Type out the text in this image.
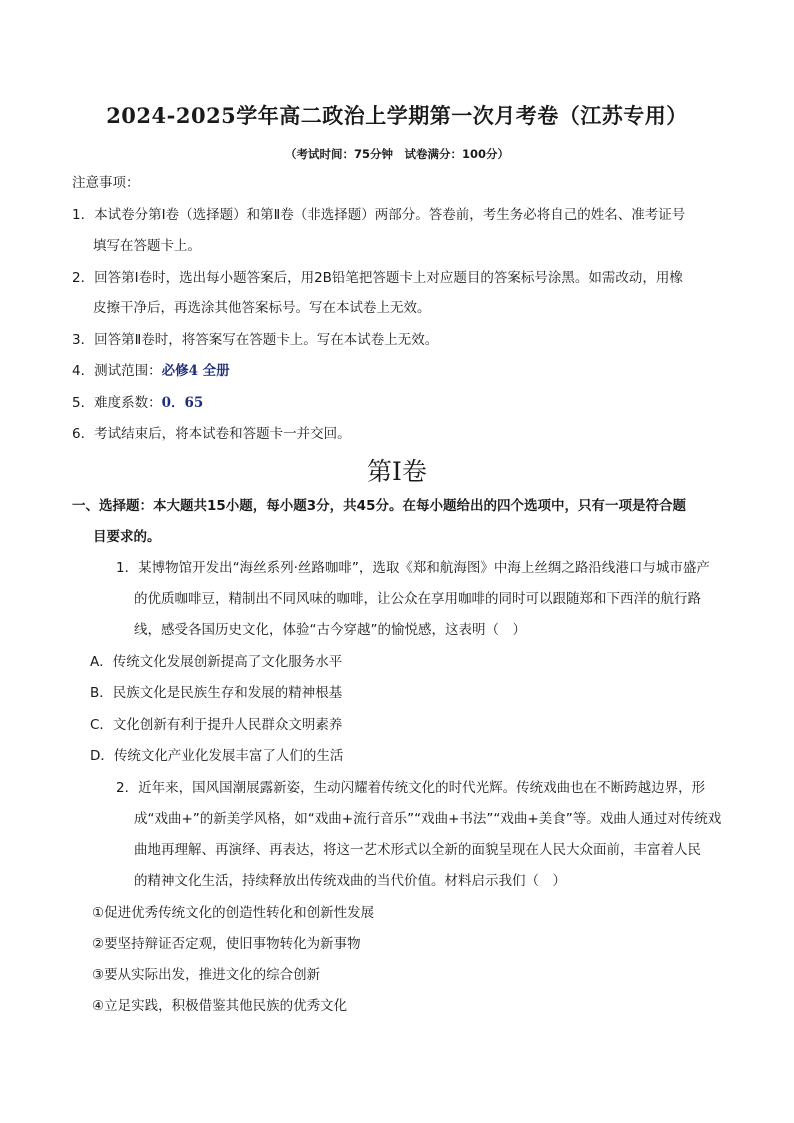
2024-2025学年高二政治上学期第一次月考卷（江苏专用）
（考试时间：75分钟　试卷满分：100分）
注意事项：
1．本试卷分第Ⅰ卷（选择题）和第Ⅱ卷（非选择题）两部分。答卷前，考生务必将自己的姓名、准考证号
填写在答题卡上。
2．回答第Ⅰ卷时，选出每小题答案后，用2B铅笔把答题卡上对应题目的答案标号涂黑。如需改动，用橡
皮擦干净后，再选涂其他答案标号。写在本试卷上无效。
3．回答第Ⅱ卷时，将答案写在答题卡上。写在本试卷上无效。
4．测试范围：必修4 全册
5．难度系数：0．65
6．考试结束后，将本试卷和答题卡一并交回。
第Ⅰ卷
一、选择题：本大题共15小题，每小题3分，共45分。在每小题给出的四个选项中，只有一项是符合题
目要求的。
1．某博物馆开发出“海丝系列·丝路咖啡”，选取《郑和航海图》中海上丝绸之路沿线港口与城市盛产
的优质咖啡豆，精制出不同风味的咖啡，让公众在享用咖啡的同时可以跟随郑和下西洋的航行路
线，感受各国历史文化，体验“古今穿越”的愉悦感，这表明（　）
A．传统文化发展创新提高了文化服务水平
B．民族文化是民族生存和发展的精神根基
C．文化创新有利于提升人民群众文明素养
D．传统文化产业化发展丰富了人们的生活
2．近年来，国风国潮展露新姿，生动闪耀着传统文化的时代光辉。传统戏曲也在不断跨越边界，形
成“戏曲+”的新美学风格，如“戏曲+流行音乐”“戏曲+书法”“戏曲+美食”等。戏曲人通过对传统戏
曲地再理解、再演绎、再表达，将这一艺术形式以全新的面貌呈现在人民大众面前，丰富着人民
的精神文化生活，持续释放出传统戏曲的当代价值。材料启示我们（　）
①促进优秀传统文化的创造性转化和创新性发展
②要坚持辩证否定观，使旧事物转化为新事物
③要从实际出发，推进文化的综合创新
④立足实践，积极借鉴其他民族的优秀文化
